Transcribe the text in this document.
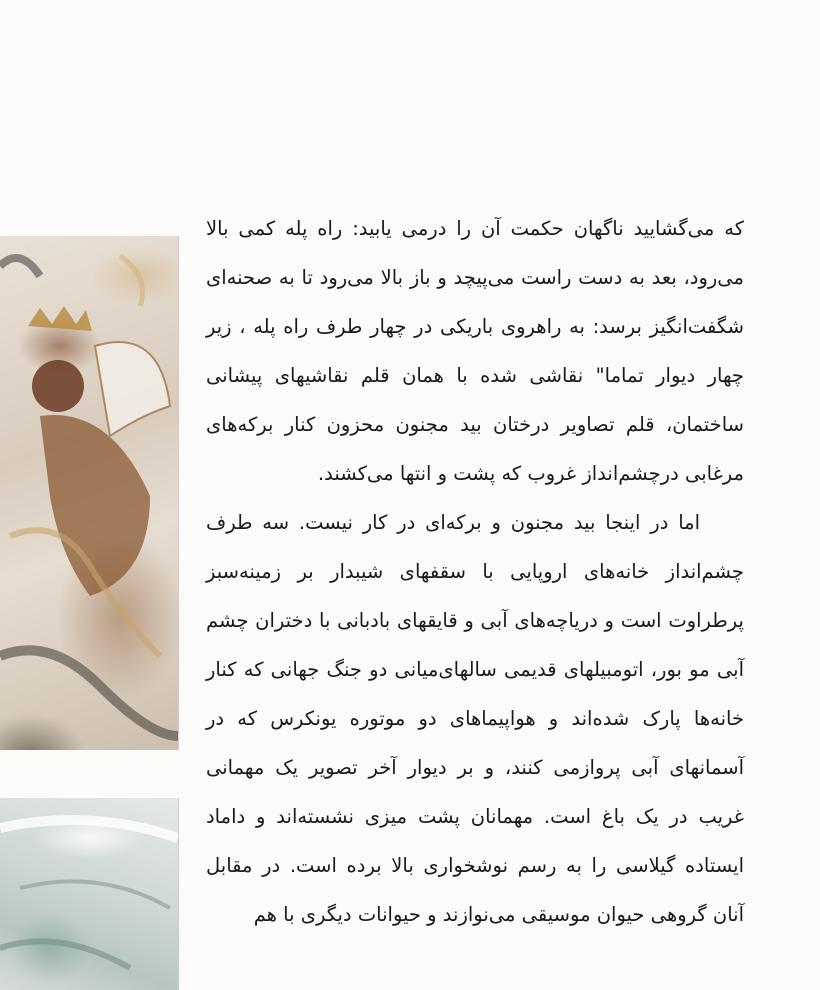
که می‌گشایید ناگهان حکمت آن را درمی یابید: راه پله کمی بالا می‌رود، بعد به دست راست می‌پیچد و باز بالا می‌رود تا به صحنه‌ای شگفت‌انگیز برسد: به راهروی باریکی در چهار طرف راه پله ، زیر چهار دیوار تماما" نقاشی شده با همان قلم نقاشیهای پیشانی ساختمان، قلم تصاویر درختان بید مجنون محزون کنار برکه‌های مرغابی درچشم‌انداز غروب که پشت و انتها می‌کشند.

اما در اینجا بید مجنون و برکه‌ای در کار نیست. سه طرف چشم‌انداز خانه‌های اروپایی با سقفهای شیبدار بر زمینه‌سبز پرطراوت است و دریاچه‌های آبی و قایقهای بادبانی با دختران چشم آبی مو بور، اتومبیلهای قدیمی سالهای‌میانی دو جنگ جهانی که کنار خانه‌ها پارک شده‌اند و هواپیماهای دو موتوره یونکرس که در آسمانهای آبی پروازمی کنند، و بر دیوار آخر تصویر یک مهمانی غریب در یک باغ است. مهمانان پشت میزی نشسته‌اند و داماد ایستاده گیلاسی را به رسم نوشخواری بالا برده است. در مقابل آنان گروهی حیوان موسیقی می‌نوازند و حیوانات دیگری با هم
